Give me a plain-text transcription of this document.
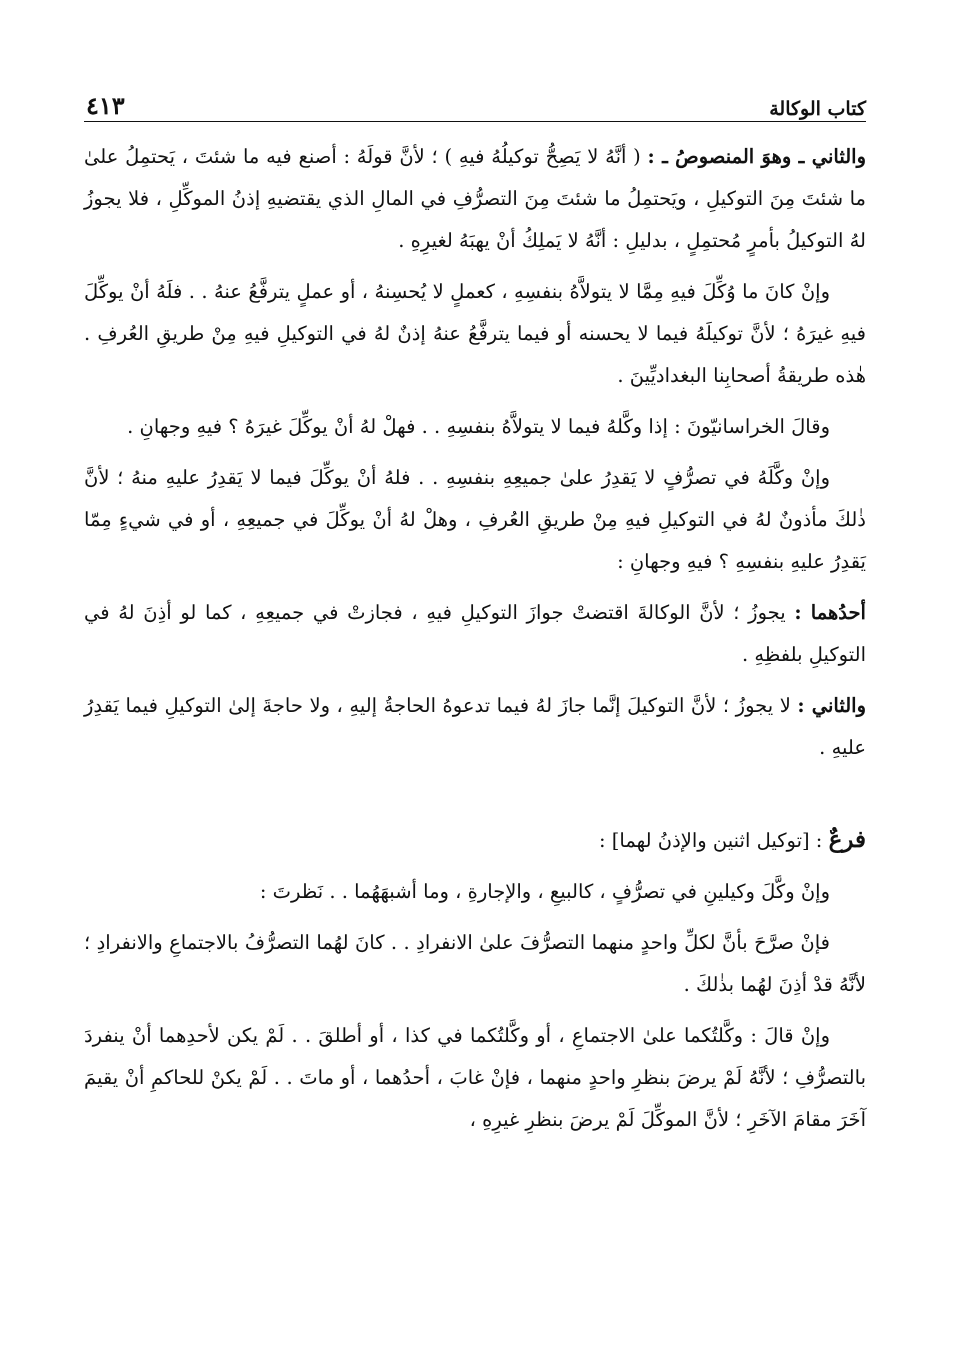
كتاب الوكالة
٤١٣

والثاني ـ وهوَ المنصوصُ ـ : ( أنَّهُ لا يَصِحُّ توكيلُهُ فيهِ ) ؛ لأنَّ قولَهُ : أصنع فيه ما شئتَ ، يَحتمِلُ علىٰ ما شئتَ مِنَ التوكيلِ ، ويَحتمِلُ ما شئتَ مِنَ التصرُّفِ في المالِ الذي يقتضيهِ إذنُ الموكِّلِ ، فلا يجوزُ لهُ التوكيلُ بأمرٍ مُحتمِلٍ ، بدليلِ : أنَّهُ لا يَملِكُ أنْ يهبَهُ لغيرِهِ .

وإنْ كانَ ما وُكِّلَ فيهِ مِمَّا لا يتولاَّهُ بنفسِهِ ، كعملٍ لا يُحسِنهُ ، أو عملٍ يترفَّعُ عنهُ . . فلَهُ أنْ يوكِّلَ فيهِ غيرَهُ ؛ لأنَّ توكيلَهُ فيما لا يحسنه أو فيما يترفَّعُ عنهُ إذنٌ لهُ في التوكيلِ فيهِ مِنْ طريقِ العُرفِ . هٰذه طريقةُ أصحابِنا البغداديِّينَ .

وقالَ الخراسانيّونَ : إذا وكَّلهُ فيما لا يتولاَّهُ بنفسِهِ . . فهلْ لهُ أنْ يوكِّلَ غيرَهُ ؟ فيهِ وجهانِ .

وإنْ وكَّلَهُ في تصرُّفٍ لا يَقدِرُ علىٰ جميعِهِ بنفسِهِ . . فلهُ أنْ يوكِّلَ فيما لا يَقدِرُ عليهِ منهُ ؛ لأنَّ ذٰلكَ مأذونٌ لهُ في التوكيلِ فيهِ مِنْ طريقِ العُرفِ ، وهلْ لهُ أنْ يوكِّلَ في جميعِهِ ، أو في شيءٍ مِمّا يَقدِرُ عليهِ بنفسِهِ ؟ فيهِ وجهانِ :

أحدُهما : يجوزُ ؛ لأنَّ الوكالةَ اقتضتْ جوازَ التوكيلِ فيهِ ، فجازتْ في جميعِهِ ، كما لو أذِنَ لهُ في التوكيلِ بلفظِهِ .

والثاني : لا يجوزُ ؛ لأنَّ التوكيلَ إنَّما جازَ لهُ فيما تدعوهُ الحاجةُ إليهِ ، ولا حاجةَ إلىٰ التوكيلِ فيما يَقدِرُ عليهِ .

فرعٌ : [توكيل اثنين والإذنُ لهما] :

وإنْ وكَّلَ وكيلينِ في تصرُّفٍ ، كالبيعِ ، والإجارةِ ، وما أشبهَهُما . . نَظرتَ :

فإنْ صرَّحَ بأنَّ لكلِّ واحدٍ منهما التصرُّفَ علىٰ الانفرادِ . . كانَ لهُما التصرُّفُ بالاجتماعِ والانفرادِ ؛ لأنَّهُ قدْ أذِنَ لهُما بذٰلكَ .

وإنْ قالَ : وكَّلتُكما علىٰ الاجتماعِ ، أو وكَّلتُكما في كذا ، أو أطلقَ . . لَمْ يكن لأحدِهما أنْ ينفردَ بالتصرُّفِ ؛ لأنَّهُ لَمْ يرضَ بنظرِ واحدٍ منهما ، فإنْ غابَ ، أحدُهما ، أو ماتَ . . لَمْ يكنْ للحاكمِ أنْ يقيمَ آخَرَ مقامَ الآخَرِ ؛ لأنَّ الموكِّلَ لَمْ يرضَ بنظرِ غيرِهِ ،
